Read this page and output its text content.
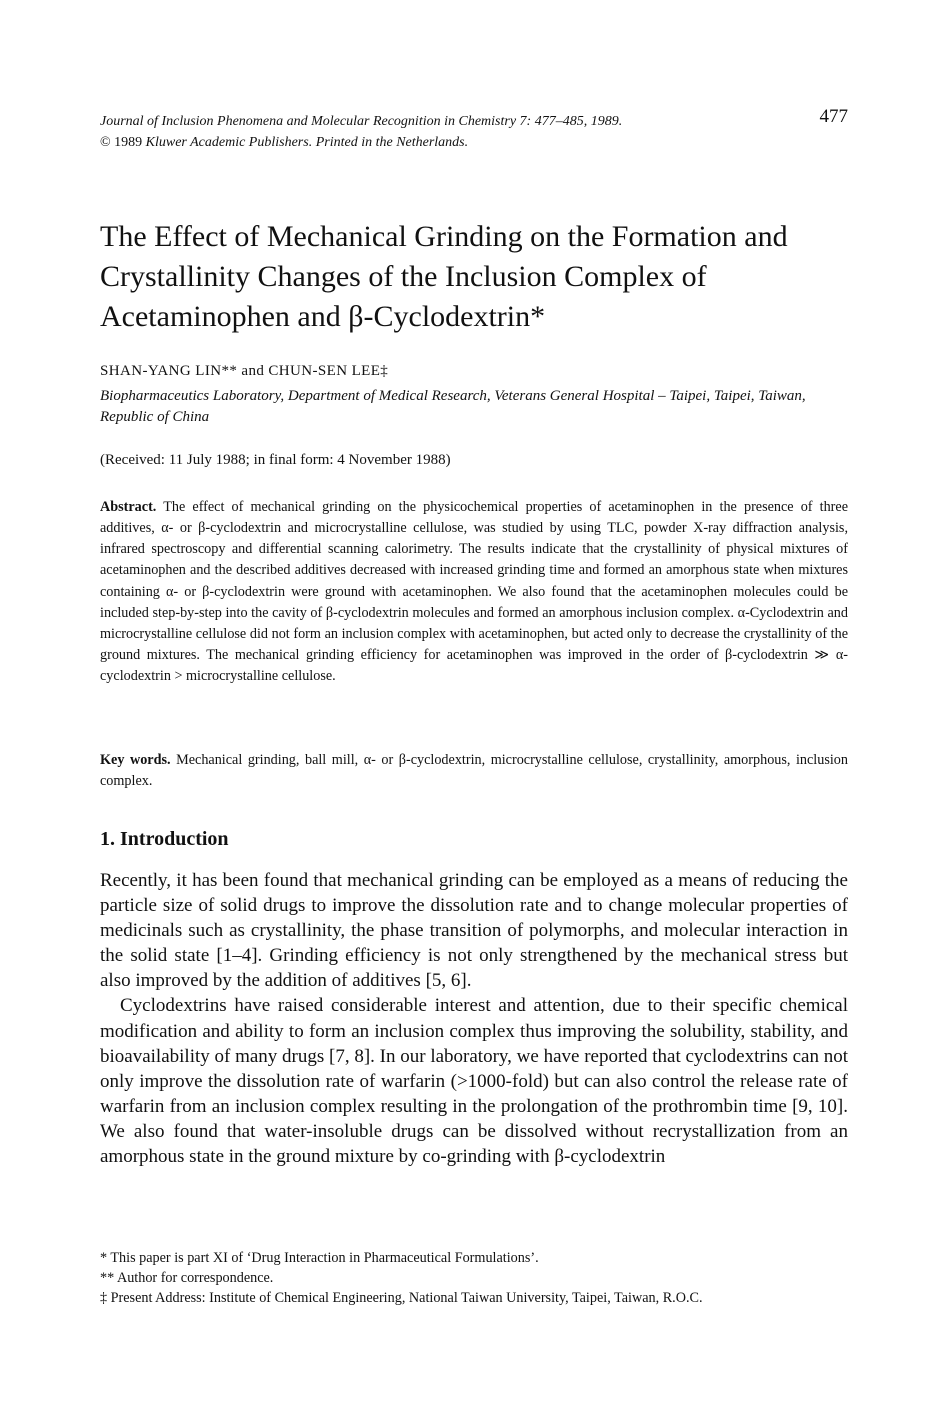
Journal of Inclusion Phenomena and Molecular Recognition in Chemistry 7: 477–485, 1989.
© 1989 Kluwer Academic Publishers. Printed in the Netherlands.
477
The Effect of Mechanical Grinding on the Formation and Crystallinity Changes of the Inclusion Complex of Acetaminophen and β-Cyclodextrin*
SHAN-YANG LIN** and CHUN-SEN LEE‡
Biopharmaceutics Laboratory, Department of Medical Research, Veterans General Hospital – Taipei, Taipei, Taiwan, Republic of China
(Received: 11 July 1988; in final form: 4 November 1988)

Abstract. The effect of mechanical grinding on the physicochemical properties of acetaminophen in the presence of three additives, α- or β-cyclodextrin and microcrystalline cellulose, was studied by using TLC, powder X-ray diffraction analysis, infrared spectroscopy and differential scanning calorimetry. The results indicate that the crystallinity of physical mixtures of acetaminophen and the described additives decreased with increased grinding time and formed an amorphous state when mixtures containing α- or β-cyclodextrin were ground with acetaminophen. We also found that the acetaminophen molecules could be included step-by-step into the cavity of β-cyclodextrin molecules and formed an amorphous inclusion complex. α-Cyclodextrin and microcrystalline cellulose did not form an inclusion complex with acetaminophen, but acted only to decrease the crystallinity of the ground mixtures. The mechanical grinding efficiency for acetaminophen was improved in the order of β-cyclodextrin ≫ α-cyclodextrin > microcrystalline cellulose.

Key words. Mechanical grinding, ball mill, α- or β-cyclodextrin, microcrystalline cellulose, crystallinity, amorphous, inclusion complex.

1. Introduction

Recently, it has been found that mechanical grinding can be employed as a means of reducing the particle size of solid drugs to improve the dissolution rate and to change molecular properties of medicinals such as crystallinity, the phase transition of polymorphs, and molecular interaction in the solid state [1–4]. Grinding efficiency is not only strengthened by the mechanical stress but also improved by the addition of additives [5, 6].

Cyclodextrins have raised considerable interest and attention, due to their specific chemical modification and ability to form an inclusion complex thus improving the solubility, stability, and bioavailability of many drugs [7, 8]. In our laboratory, we have reported that cyclodextrins can not only improve the dissolution rate of warfarin (>1000-fold) but can also control the release rate of warfarin from an inclusion complex resulting in the prolongation of the prothrombin time [9, 10]. We also found that water-insoluble drugs can be dissolved without recrystallization from an amorphous state in the ground mixture by co-grinding with β-cyclodextrin

* This paper is part XI of ‘Drug Interaction in Pharmaceutical Formulations’.
** Author for correspondence.
‡ Present Address: Institute of Chemical Engineering, National Taiwan University, Taipei, Taiwan, R.O.C.
